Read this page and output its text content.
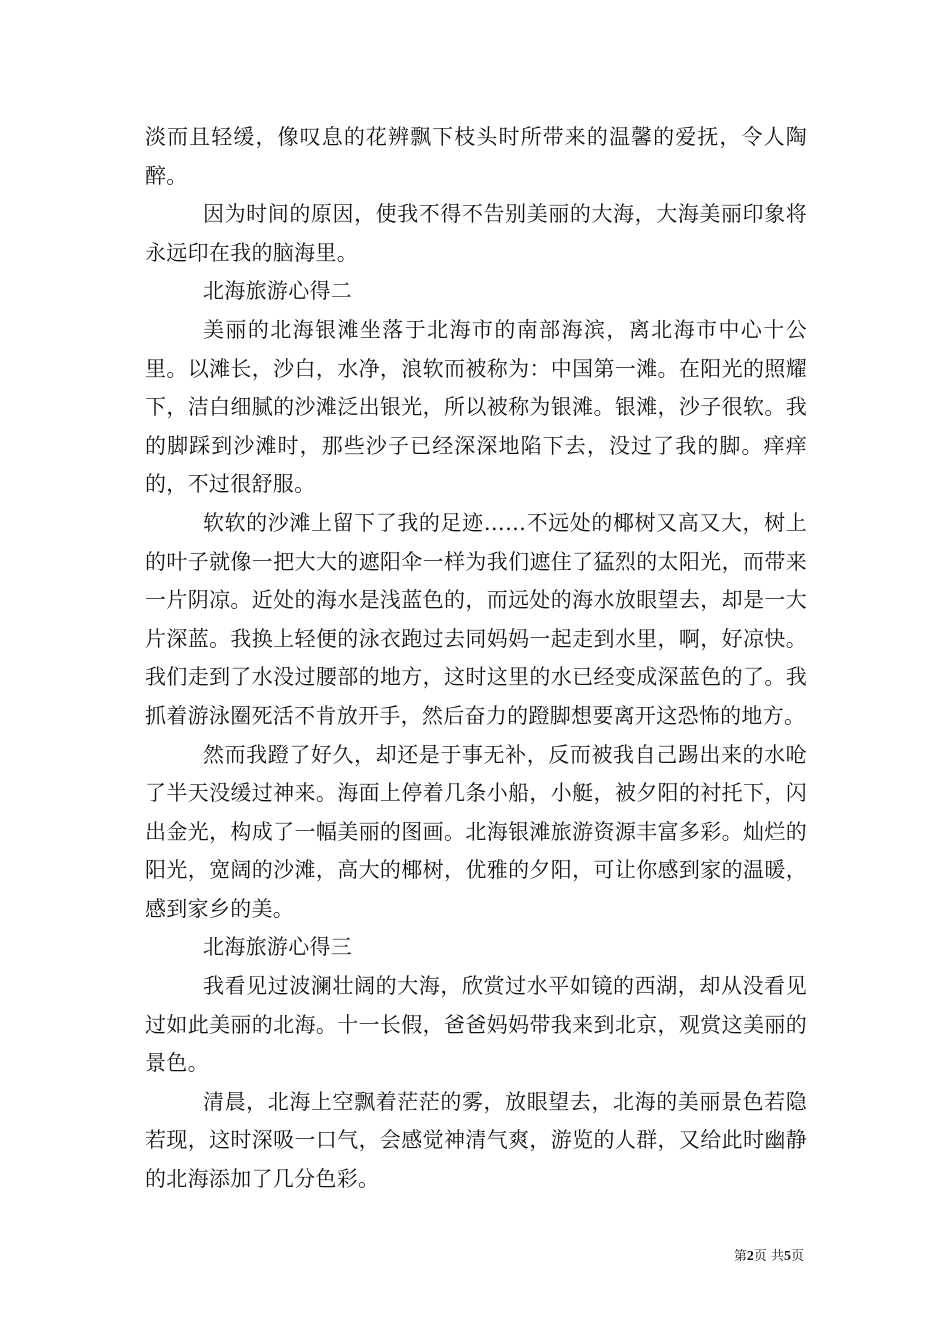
淡而且轻缓，像叹息的花辨飘下枝头时所带来的温馨的爱抚，令人陶醉。

因为时间的原因，使我不得不告别美丽的大海，大海美丽印象将永远印在我的脑海里。

北海旅游心得二

美丽的北海银滩坐落于北海市的南部海滨，离北海市中心十公里。以滩长，沙白，水净，浪软而被称为：中国第一滩。在阳光的照耀下，洁白细腻的沙滩泛出银光，所以被称为银滩。银滩，沙子很软。我的脚踩到沙滩时，那些沙子已经深深地陷下去，没过了我的脚。痒痒的，不过很舒服。

软软的沙滩上留下了我的足迹……不远处的椰树又高又大，树上的叶子就像一把大大的遮阳伞一样为我们遮住了猛烈的太阳光，而带来一片阴凉。近处的海水是浅蓝色的，而远处的海水放眼望去，却是一大片深蓝。我换上轻便的泳衣跑过去同妈妈一起走到水里，啊，好凉快。我们走到了水没过腰部的地方，这时这里的水已经变成深蓝色的了。我抓着游泳圈死活不肯放开手，然后奋力的蹬脚想要离开这恐怖的地方。

然而我蹬了好久，却还是于事无补，反而被我自己踢出来的水呛了半天没缓过神来。海面上停着几条小船，小艇，被夕阳的衬托下，闪出金光，构成了一幅美丽的图画。北海银滩旅游资源丰富多彩。灿烂的阳光，宽阔的沙滩，高大的椰树，优雅的夕阳，可让你感到家的温暖，感到家乡的美。

北海旅游心得三

我看见过波澜壮阔的大海，欣赏过水平如镜的西湖，却从没看见过如此美丽的北海。十一长假，爸爸妈妈带我来到北京，观赏这美丽的景色。

清晨，北海上空飘着茫茫的雾，放眼望去，北海的美丽景色若隐若现，这时深吸一口气，会感觉神清气爽，游览的人群，又给此时幽静的北海添加了几分色彩。

第2页 共5页
